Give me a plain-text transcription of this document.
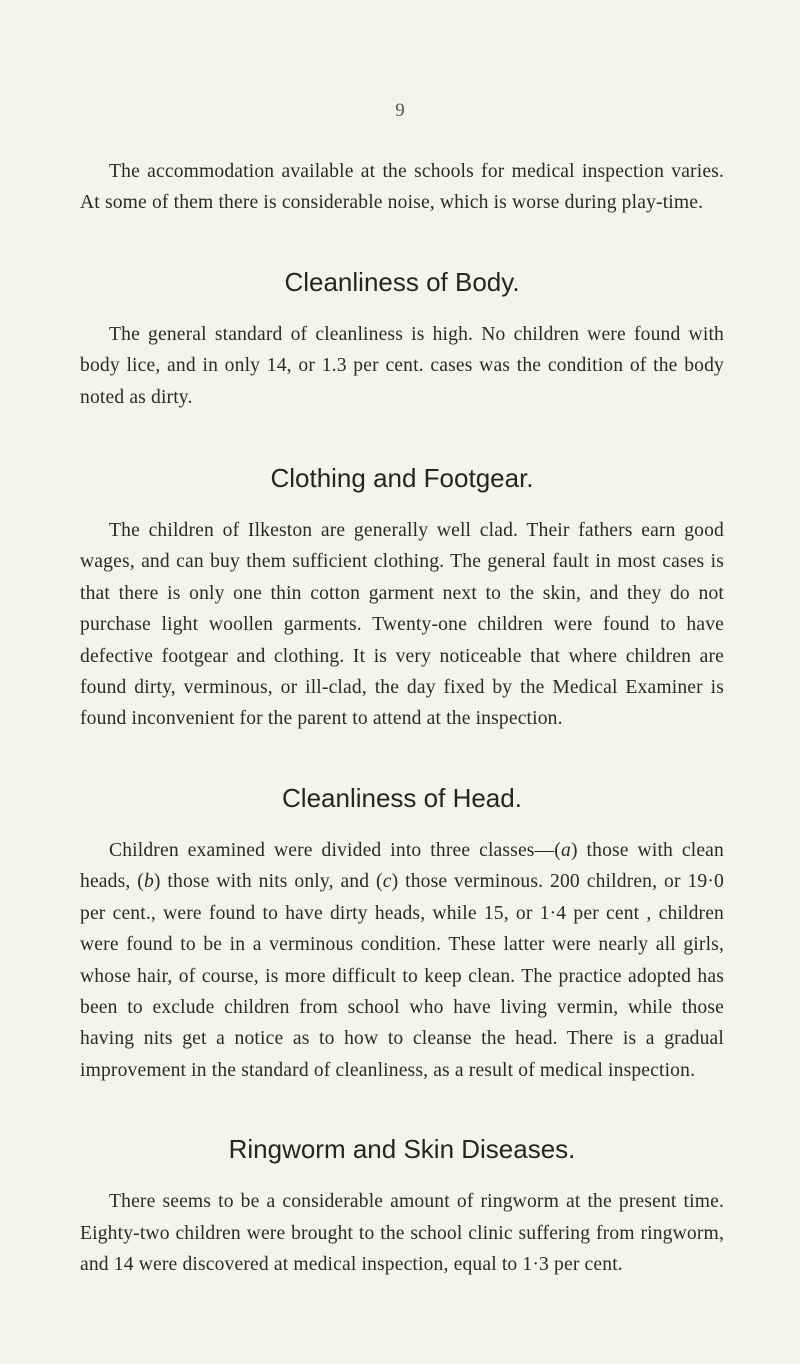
9

The accommodation available at the schools for medical inspection varies. At some of them there is considerable noise, which is worse during play-time.

Cleanliness of Body.

The general standard of cleanliness is high. No children were found with body lice, and in only 14, or 1.3 per cent. cases was the condition of the body noted as dirty.

Clothing and Footgear.

The children of Ilkeston are generally well clad. Their fathers earn good wages, and can buy them sufficient clothing. The general fault in most cases is that there is only one thin cotton garment next to the skin, and they do not purchase light woollen garments. Twenty-one children were found to have defective footgear and clothing. It is very noticeable that where children are found dirty, verminous, or ill-clad, the day fixed by the Medical Examiner is found inconvenient for the parent to attend at the inspection.

Cleanliness of Head.

Children examined were divided into three classes—(a) those with clean heads, (b) those with nits only, and (c) those verminous. 200 children, or 19·0 per cent., were found to have dirty heads, while 15, or 1·4 per cent , children were found to be in a verminous condition. These latter were nearly all girls, whose hair, of course, is more difficult to keep clean. The practice adopted has been to exclude children from school who have living vermin, while those having nits get a notice as to how to cleanse the head. There is a gradual improvement in the standard of cleanliness, as a result of medical inspection.

Ringworm and Skin Diseases.

There seems to be a considerable amount of ringworm at the present time. Eighty-two children were brought to the school clinic suffering from ringworm, and 14 were discovered at medical inspection, equal to 1·3 per cent.
